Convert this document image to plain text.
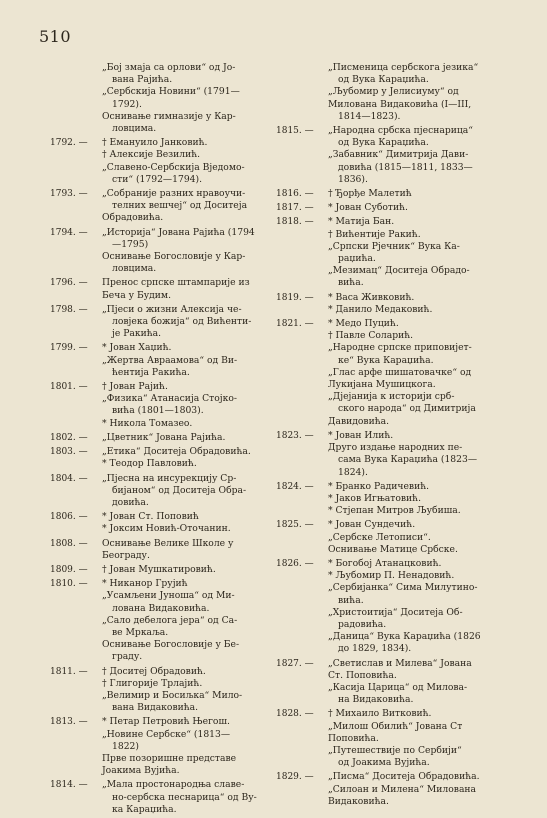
510
„Бој змаја са орлови“ од Jо-
вана Рајића.
„Сербскија Новини“ (1791—
1792).
Оснивање гимназије у Кар-
ловцима.
1792. —	† Емануило Јанковић.
† Алексије Везилић.
„Славено-Сербскија Вједомо-
сти“ (1792—1794).
1793. —	„Собраније разних нравоучи-
телних вешчеј“ од Доситеја
Обрадовића.
1794. —	„Историја“ Јована Рајића (1794
—1795)
Оснивање Богословије у Кар-
ловцима.
1796. —	Пренос српске штампарије из
Беча у Будим.
1798. —	„Пјеси о жизни Алексија че-
ловјека божија“ од Вићенти-
је Ракића.
1799. —	* Јован Хаџић.
„Жертва Авраамова“ од Ви-
ћентија Ракића.
1801. —	† Јован Рајић.
„Физика“ Атанасија Стојко-
вића (1801—1803).
* Никола Томазео.
1802. —	„Цветник“ Јована Рајића.
1803. —	„Етика“ Доситеја Обрадовића.
* Теодор Павловић.
1804. —	„Пјесна на инсурекцију Ср-
бијаном“ од Доситеја Обра-
довића.
1806. —	* Јован Ст. Поповић
* Јоксим Новић-Оточанин.
1808. —	Оснивање Велике Школе у
Београду.
1809. —	† Јован Мушкатировић.
1810. —	* Никанор Грујић
„Усамљени Јуноша“ од Ми-
лована Видаковића.
„Сало дебелога јера“ од Са-
ве Мркаља.
Оснивање Богословије у Бе-
граду.
1811. —	† Доситеј Обрадовић.
† Глигорије Трлајић.
„Велимир и Босиљка“ Мило-
вана Видаковића.
1813. —	* Петар Петровић Његош.
„Новине Сербске“ (1813—
1822)
Прве позоришне представе
Јоакима Вујића.
1814. —	„Мала простонародња славе-
но-сербска песнарица“ од Ву-
ка Караџића.
„Писменица сербскога језика“
од Вука Караџића.
„Љубомир у Јелисиуму“ од
Милована Видаковића (I—III,
1814—1823).
1815. —	„Народна србска пјеснарица“
од Вука Караџића.
„Забавник“ Димитрија Дави-
довића (1815—1811, 1833—
1836).
1816. —	† Ђорђе Малетић
1817. —	* Јован Суботић.
1818. —	* Матија Бан.
† Вићентије Ракић.
„Српски Рјечник“ Вука Ка-
раџића.
„Мезимац“ Доситеја Обрадо-
вића.
1819. —	* Васа Живковић.
* Данило Медаковић.
1821. —	* Медо Пуцић.
† Павле Соларић.
„Народне српске приповијет-
ке“ Вука Караџића.
„Глас арфе шишатовачке“ од
Лукијана Мушицкога.
„Дјејанија к историји срб-
ского народа“ од Димитрија
Давидовића.
1823. —	* Јован Илић.
Друго издање народних пе-
сама Вука Караџића (1823—
1824).
1824. —	* Бранко Радичевић.
* Јаков Игњатовић.
* Стјепан Митров Љубиша.
1825. —	* Јован Сундечић.
„Сербске Летописи“.
Оснивање Матице Србске.
1826. —	* Богобој Атанацковић.
* Љубомир П. Ненадовић.
„Сербијанка“ Сима Милутино-
вића.
„Христоитија“ Доситеја Об-
радовића.
„Даница“ Вука Караџића (1826
до 1829, 1834).
1827. —	„Светислав и Милева“ Јована
Ст. Поповића.
„Касија Царица“ од Милова-
на Видаковића.
1828. —	† Михаило Витковић.
„Милош Обилић“ Јована Ст
Поповића.
„Путешествије по Сербији“
од Јоакима Вујића.
1829. —	„Писма“ Доситеја Обрадовића.
„Силоан и Милена“ Милована
Видаковића.
